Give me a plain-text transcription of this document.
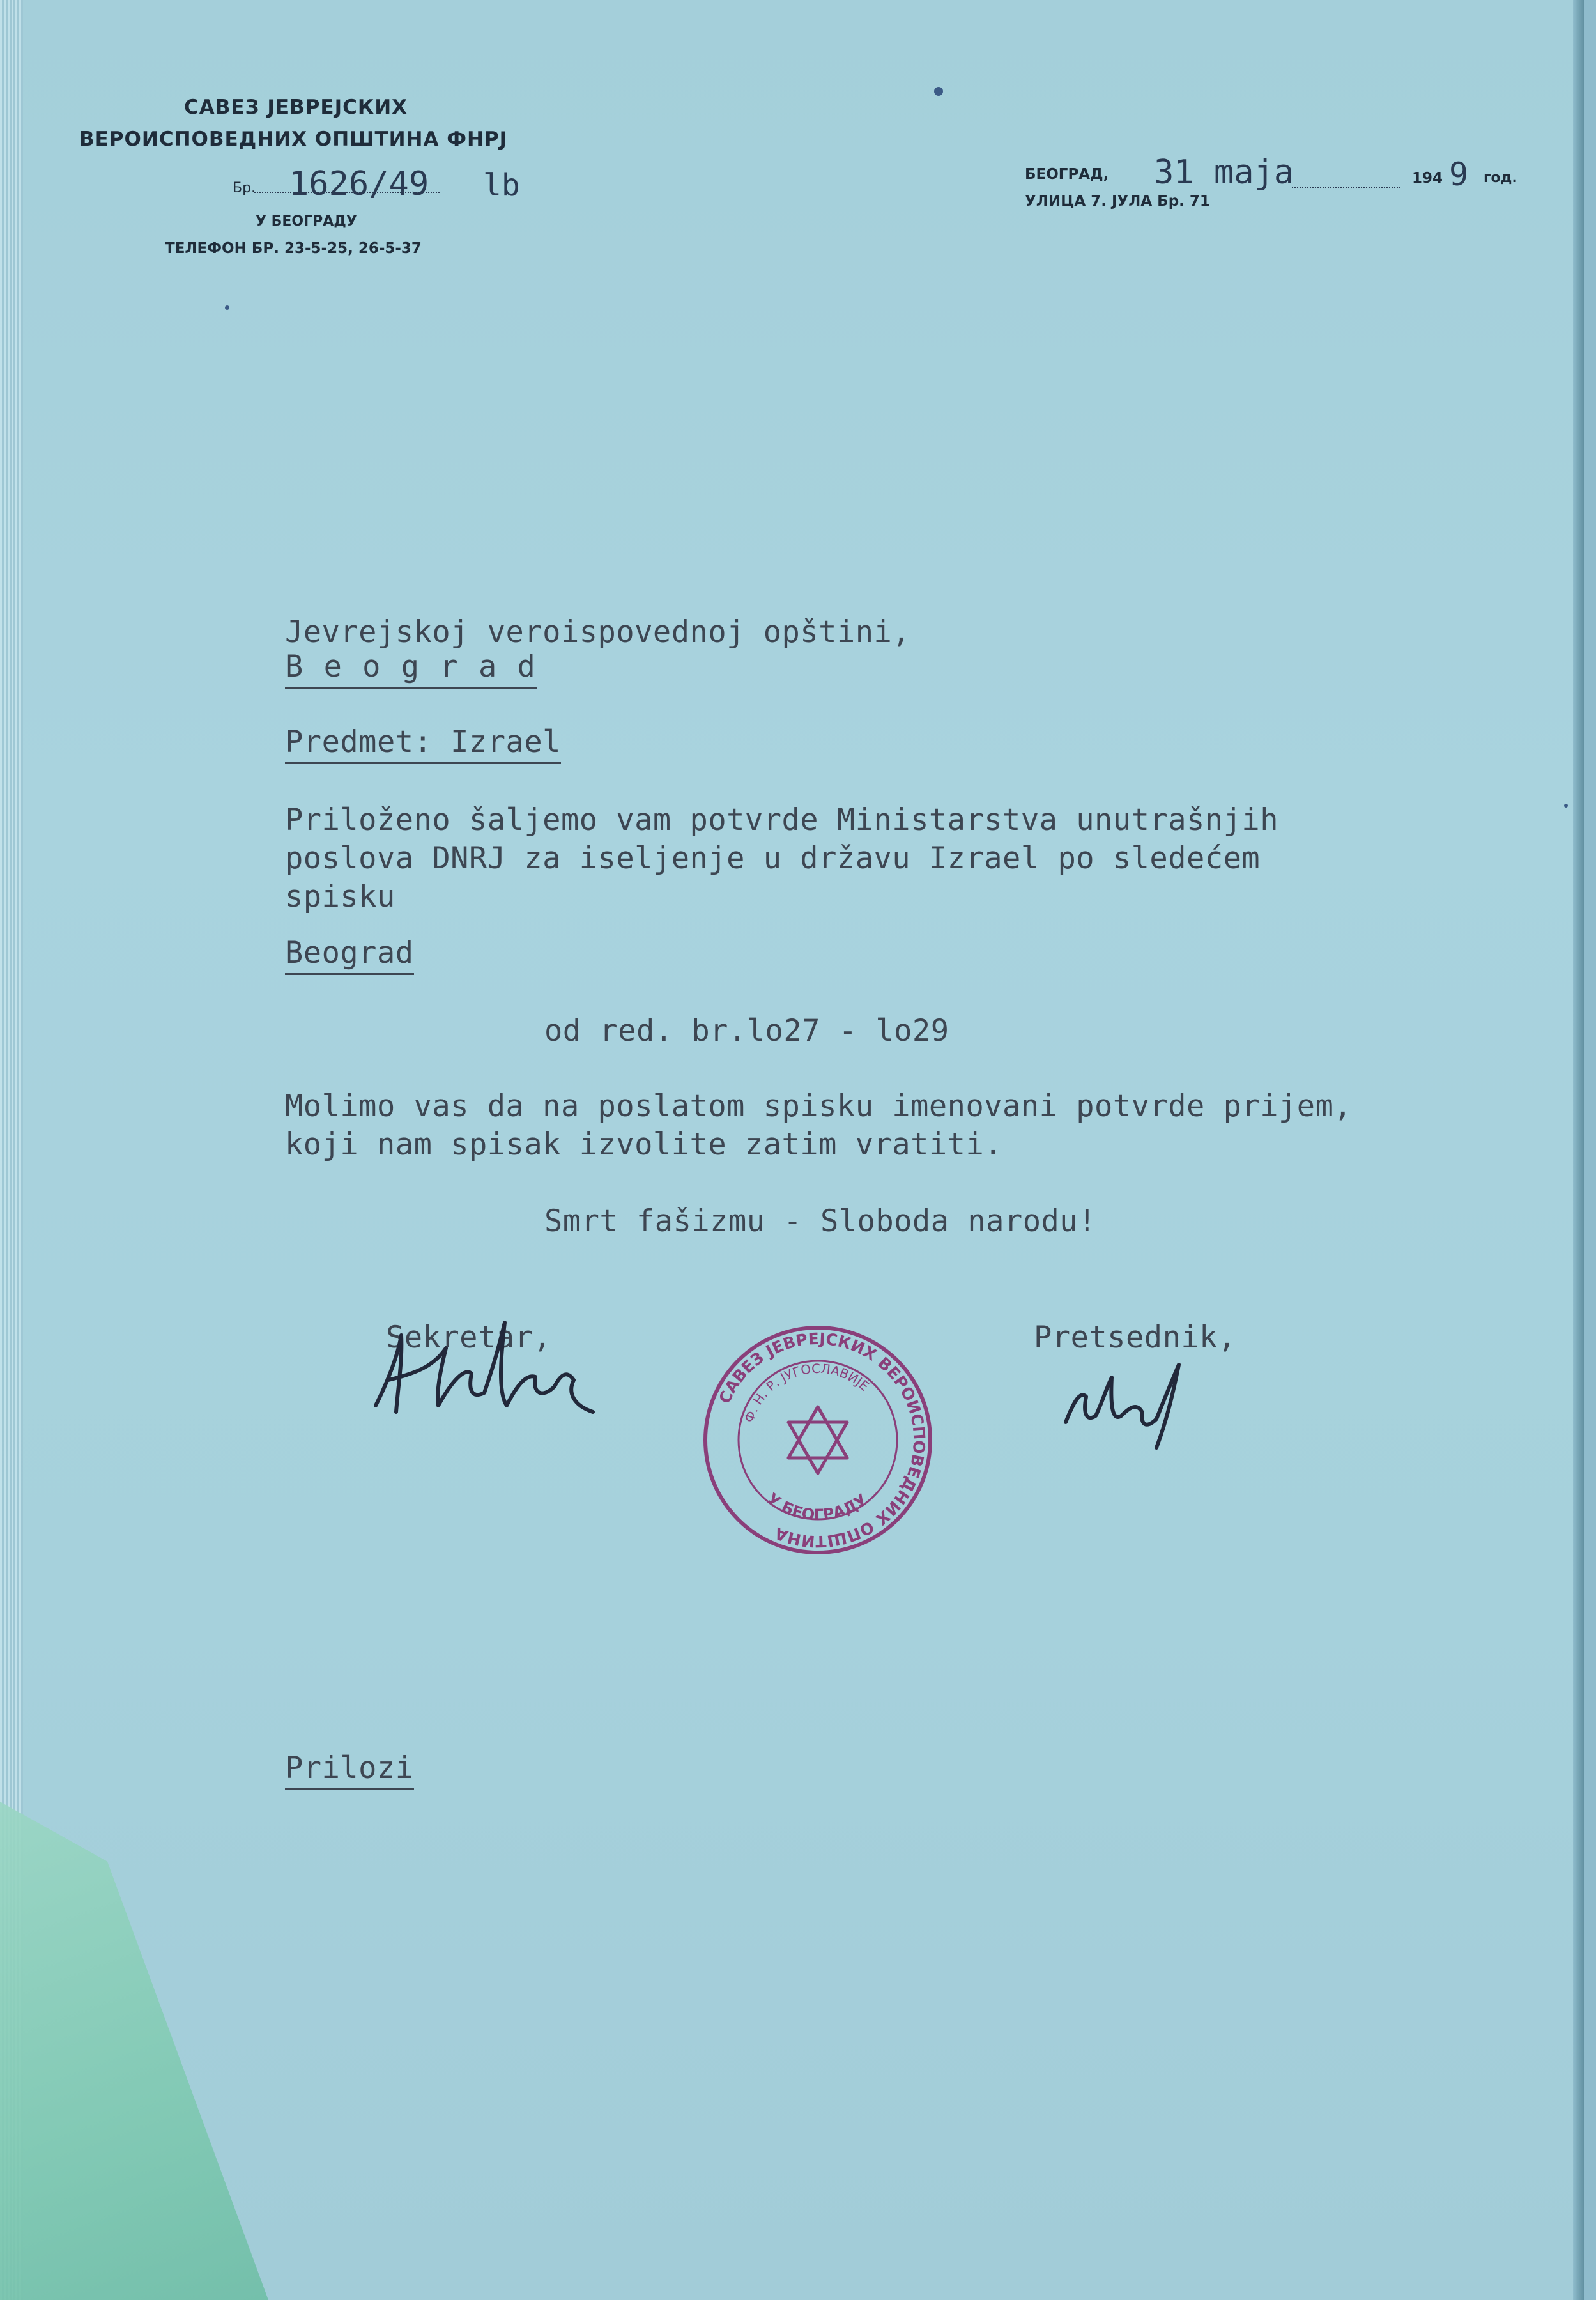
САВЕЗ JEВРЕЈСКИХ
ВЕРОИСПОВЕДНИХ ОПШТИНА ФНРЈ
Бр. 1626/49 lb
У БЕОГРАДУ
ТЕЛЕФОН БР. 23-5-25, 26-5-37
БЕОГРАД, 31 maja	194 9 год.
УЛИЦА 7. ЈУЛА Бр. 71
Jevrejskoj veroispovednoj opštini,
B e o g r a d
Predmet: Izrael
Priloženo šaljemo vam potvrde Ministarstva unutrašnjih
poslova DNRJ za iseljenje u državu Izrael po sledećem
spisku
Beograd
od red. br.lo27 - lo29
Molimo vas da na poslatom spisku imenovani potvrde prijem,
koji nam spisak izvolite zatim vratiti.
Smrt fašizmu - Sloboda narodu!
Sekretar,	Pretsednik,
САВЕЗ ЈЕВРЕЈСКИХ ВЕРОИСПОВЕДНИХ ОПШТИНА
Ф. Н. Р. ЈУГОСЛАВИЈЕ
У БЕОГРАДУ
Prilozi
